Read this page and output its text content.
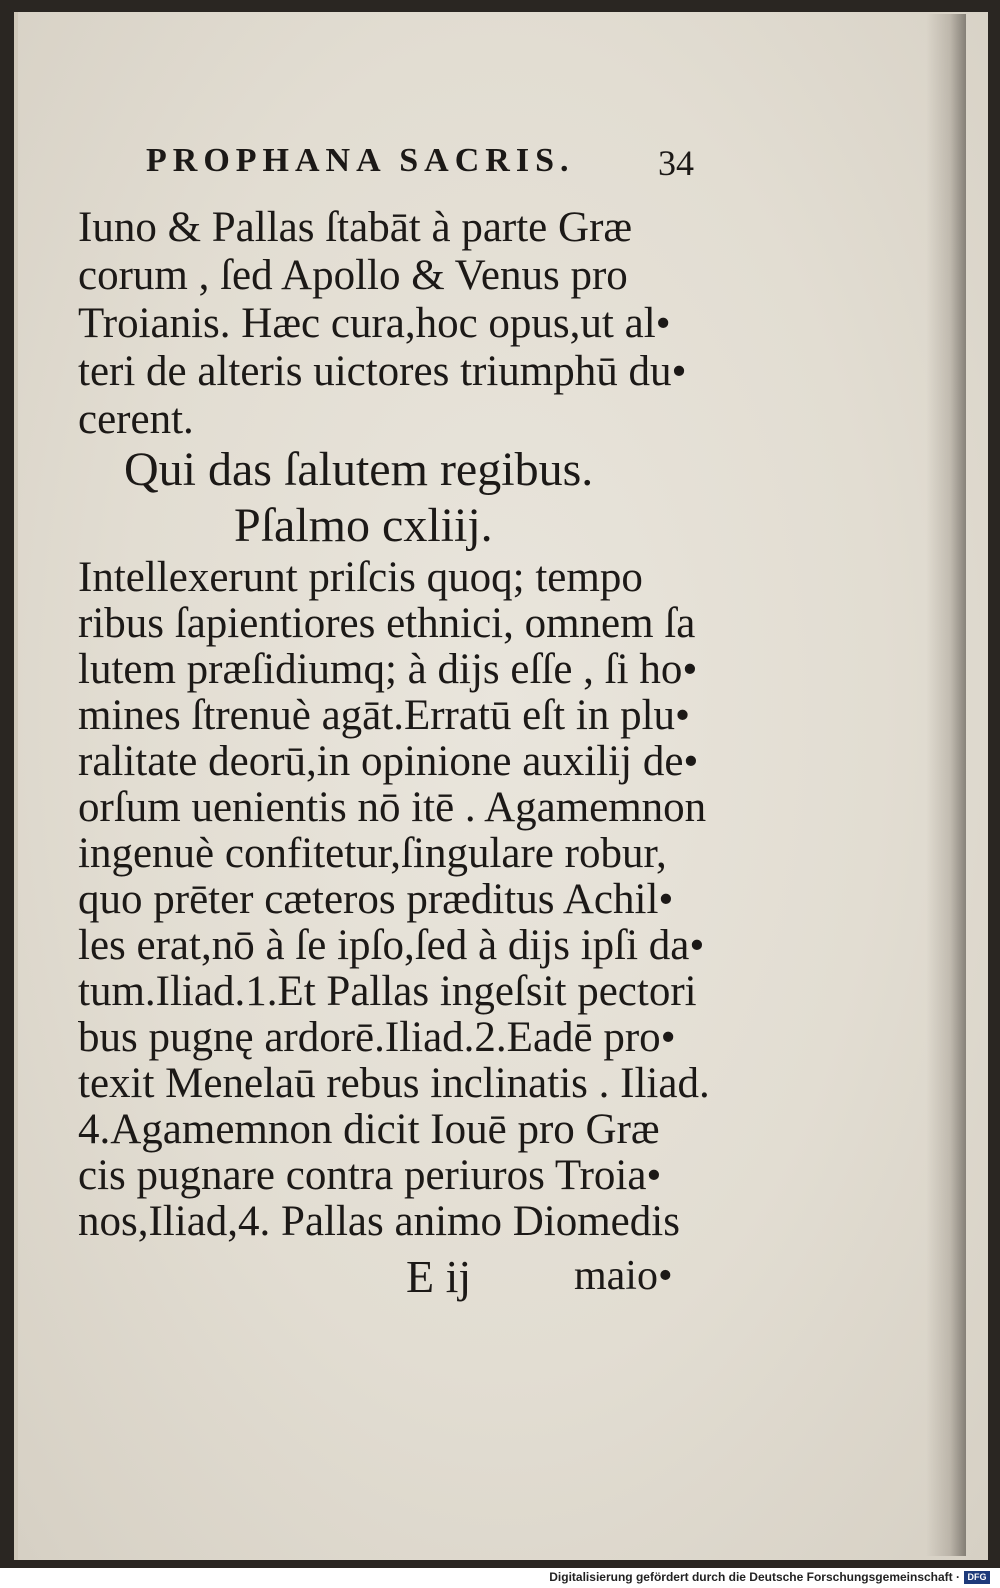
PROPHANA SACRIS. 34
Iuno & Pallas ſtabāt à parte Græ
corum , ſed Apollo & Venus pro
Troianis. Hæc cura,hoc opus,ut al•
teri de alteris uictores triumphū du•
cerent.
Qui das ſalutem regibus.
Pſalmo cxliij.
Intellexerunt priſcis quoq; tempo
ribus ſapientiores ethnici, omnem ſa
lutem præſidiumq; à dijs eſſe , ſi ho•
mines ſtrenuè agāt.Erratū eſt in plu•
ralitate deorū,in opinione auxilij de•
orſum uenientis nō itē . Agamemnon
ingenuè confitetur,ſingulare robur,
quo prēter cæteros præditus Achil•
les erat,nō à ſe ipſo,ſed à dijs ipſi da•
tum.Iliad.1.Et Pallas ingeſsit pectori
bus pugnę ardorē.Iliad.2.Eadē pro•
texit Menelaū rebus inclinatis . Iliad.
4.Agamemnon dicit Iouē pro Græ
cis pugnare contra periuros Troia•
nos,Iliad,4. Pallas animo Diomedis
E ij maio•
Digitalisierung gefördert durch die Deutsche Forschungsgemeinschaft · DFG
